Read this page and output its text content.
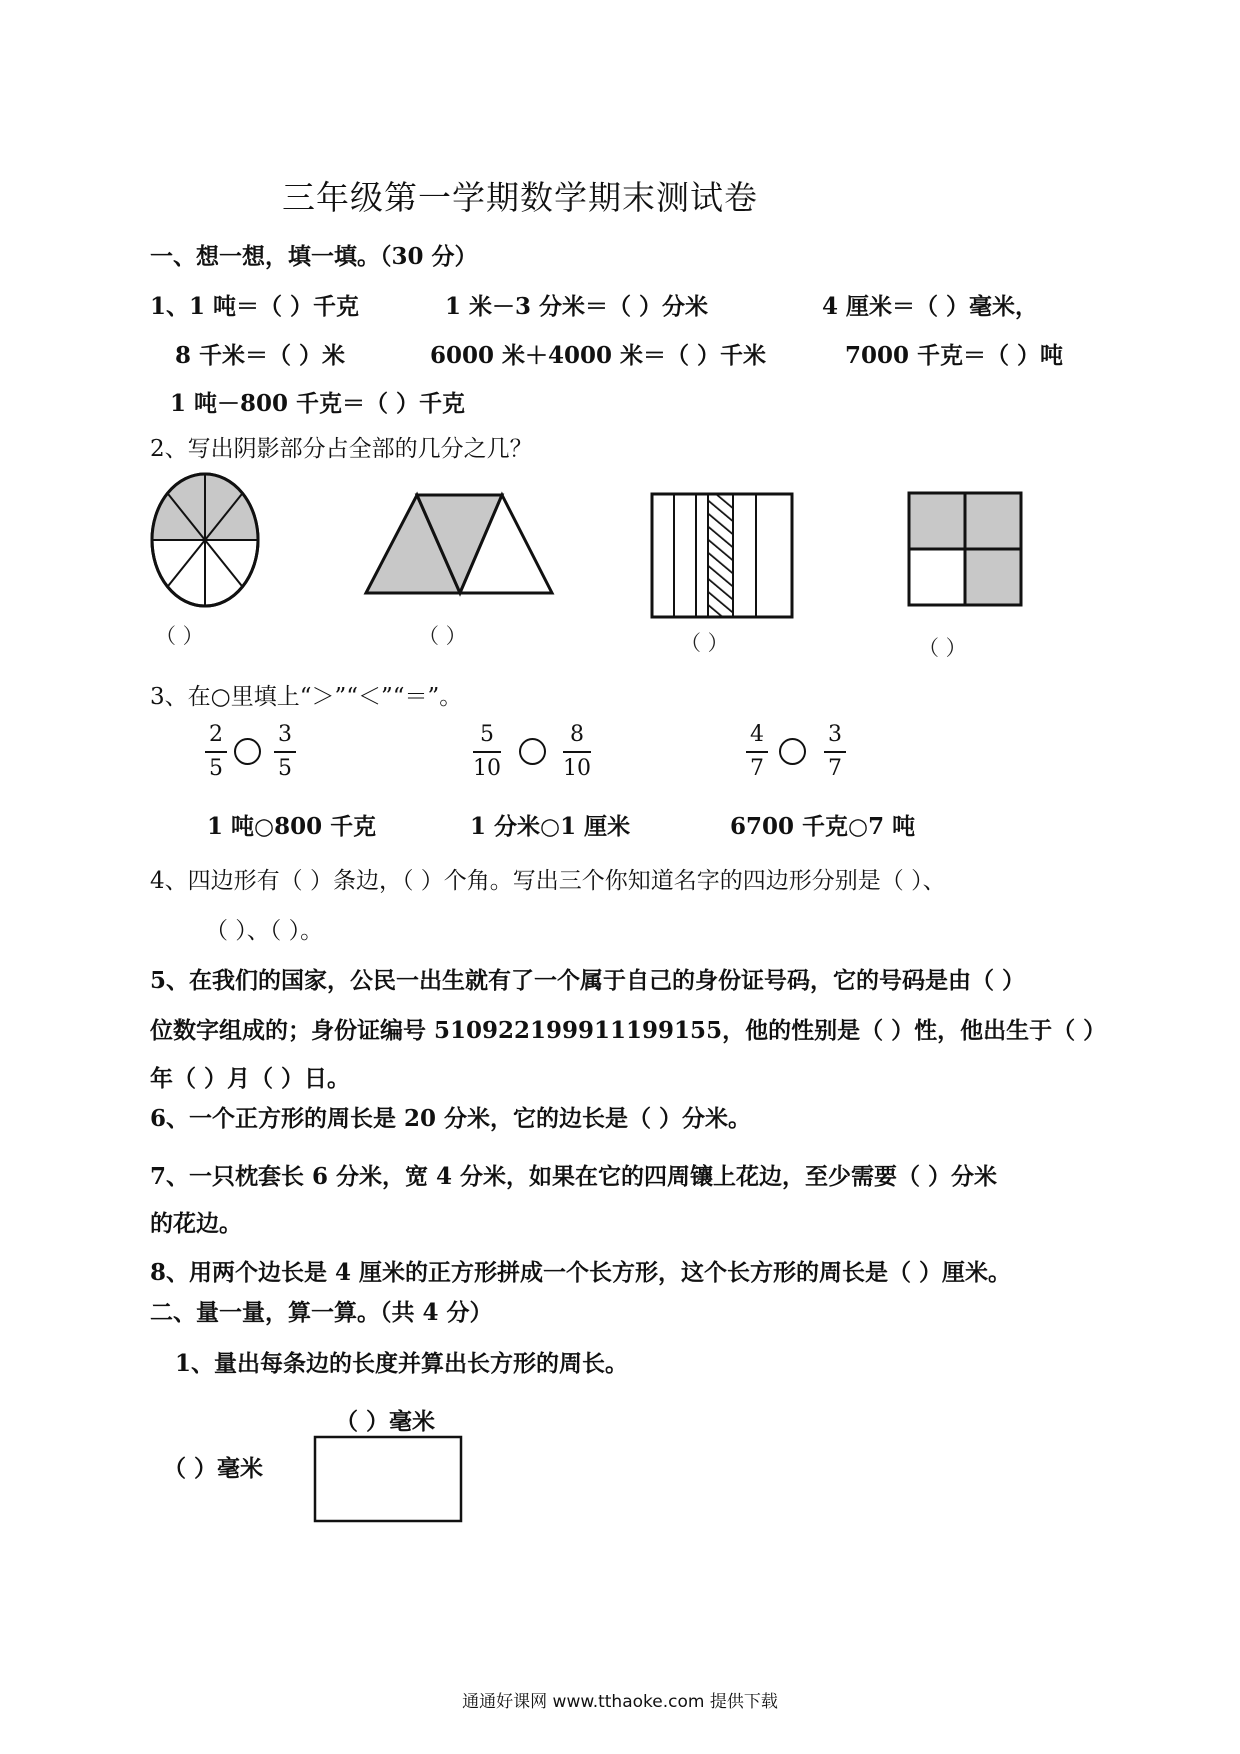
三年级第一学期数学期末测试卷
一、想一想，填一填。（30 分）
1、1 吨＝（ ）千克	1 米－3 分米＝（ ）分米	4 厘米＝（ ）毫米，
8 千米＝（ ）米	6000 米＋4000 米＝（ ）千米	7000 千克＝（ ）吨
1 吨－800 千克＝（ ）千克
2、写出阴影部分占全部的几分之几？
（ ）	（ ）	（ ）	（ ）
3、在○里填上“＞”“＜”“＝”。
2
5
3
5
5
10
8
10
4
7
3
7
1 吨○800 千克	1 分米○1 厘米	6700 千克○7 吨
4、四边形有（ ）条边，（ ）个角。写出三个你知道名字的四边形分别是（ ）、
（ ）、（ ）。
5、在我们的国家，公民一出生就有了一个属于自己的身份证号码，它的号码是由（ ）
位数字组成的；身份证编号 510922199911199155，他的性别是（ ）性，他出生于（ ）
年（ ）月（ ）日。
6、一个正方形的周长是 20 分米，它的边长是（ ）分米。
7、一只枕套长 6 分米，宽 4 分米，如果在它的四周镶上花边，至少需要（ ）分米
的花边。
8、用两个边长是 4 厘米的正方形拼成一个长方形，这个长方形的周长是（ ）厘米。
二、量一量，算一算。（共 4 分）
1、量出每条边的长度并算出长方形的周长。
（ ）毫米
（ ）毫米
通通好课网 www.tthaoke.com 提供下载
